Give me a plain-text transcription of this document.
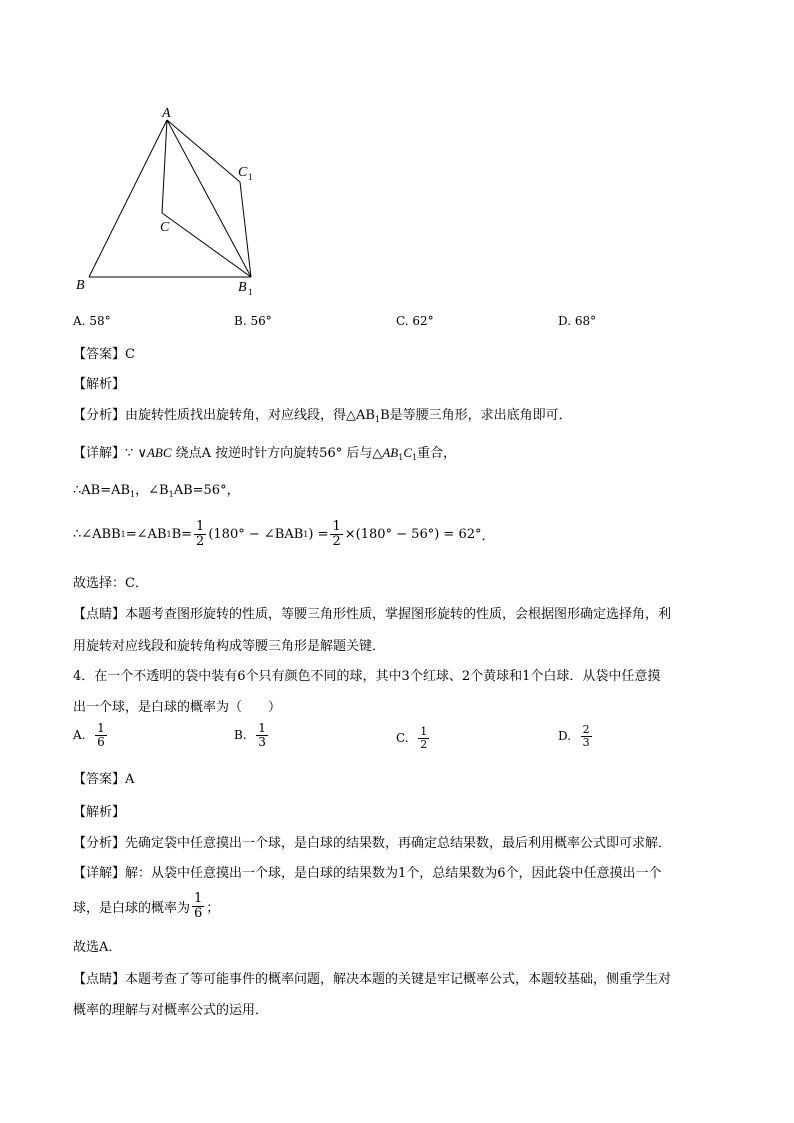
A
B
C
C 1
B 1
A. 58°	B. 56°	C. 62°	D. 68°
【答案】C
【解析】
【分析】由旋转性质找出旋转角，对应线段，得$\triangle AB_1B$是等腰三角形，求出底角即可．
【详解】∵ ∨ABC 绕点A 按逆时针方向旋转56° 后与$\triangle AB_1C_1$重合，
$\therefore AB=AB_1$，$\angle B_1AB=56^\circ$，
∴∠ABB 1 =∠AB 1 $B= \frac{1}{2} (180^\circ$ − ∠BAB 1 ) = $\frac{1}{2} \times(180^\circ - 56^\circ) = 62^\circ$ ．
故选择：C．
【点睛】本题考查图形旋转的性质，等腰三角形性质，掌握图形旋转的性质，会根据图形确定选择角，利
用旋转对应线段和旋转角构成等腰三角形是解题关键．
4．在一个不透明的袋中装有6个只有颜色不同的球，其中3个红球、2个黄球和1个白球．从袋中任意摸
出一个球，是白球的概率为（　　）
A.
$\frac{1}{6}$	B.
$\frac{1}{3}$	C.
$\frac{1}{2}$	D.
$\frac{2}{3}$
【答案】A
【解析】
【分析】先确定袋中任意摸出一个球，是白球的结果数，再确定总结果数，最后利用概率公式即可求解．
【详解】解：从袋中任意摸出一个球，是白球的结果数为1个，总结果数为6个，因此袋中任意摸出一个
球，是白球的概率为 $\frac{1}{6}$ ；
故选A．
【点睛】本题考查了等可能事件的概率问题，解决本题的关键是牢记概率公式，本题较基础，侧重学生对
概率的理解与对概率公式的运用．
